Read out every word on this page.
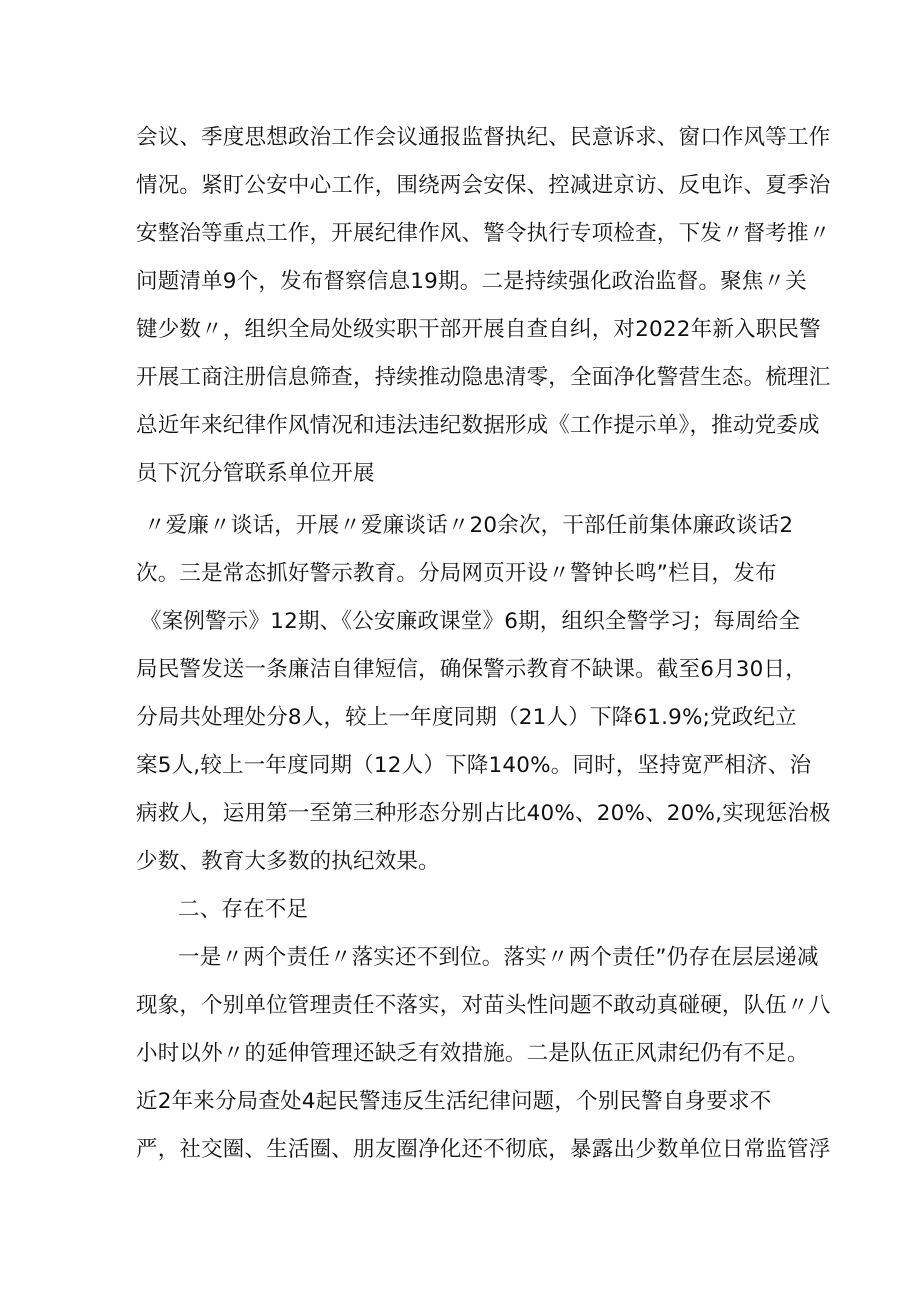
会议、季度思想政治工作会议通报监督执纪、民意诉求、窗口作风等工作
情况。紧盯公安中心工作，围绕两会安保、控减进京访、反电诈、夏季治
安整治等重点工作，开展纪律作风、警令执行专项检查，下发〃督考推〃
问题清单9个，发布督察信息19期。二是持续强化政治监督。聚焦〃关
键少数〃，组织全局处级实职干部开展自查自纠，对2022年新入职民警
开展工商注册信息筛查，持续推动隐患清零，全面净化警营生态。梳理汇
总近年来纪律作风情况和违法违纪数据形成《工作提示单》，推动党委成
员下沉分管联系单位开展
〃爱廉〃谈话，开展〃爱廉谈话〃20余次，干部任前集体廉政谈话2
次。三是常态抓好警示教育。分局网页开设〃警钟长鸣”栏目，发布
《案例警示》12期、《公安廉政课堂》6期，组织全警学习；每周给全
局民警发送一条廉洁自律短信，确保警示教育不缺课。截至6月30日，
分局共处理处分8人，较上一年度同期（21人）下降61.9%;党政纪立
案5人,较上一年度同期（12人）下降140%。同时，坚持宽严相济、治
病救人，运用第一至第三种形态分别占比40%、20%、20%,实现惩治极
少数、教育大多数的执纪效果。
二、存在不足
一是〃两个责任〃落实还不到位。落实〃两个责任”仍存在层层递减
现象，个别单位管理责任不落实，对苗头性问题不敢动真碰硬，队伍〃八
小时以外〃的延伸管理还缺乏有效措施。二是队伍正风肃纪仍有不足。
近2年来分局查处4起民警违反生活纪律问题，个别民警自身要求不
严，社交圈、生活圈、朋友圈净化还不彻底，暴露出少数单位日常监管浮
